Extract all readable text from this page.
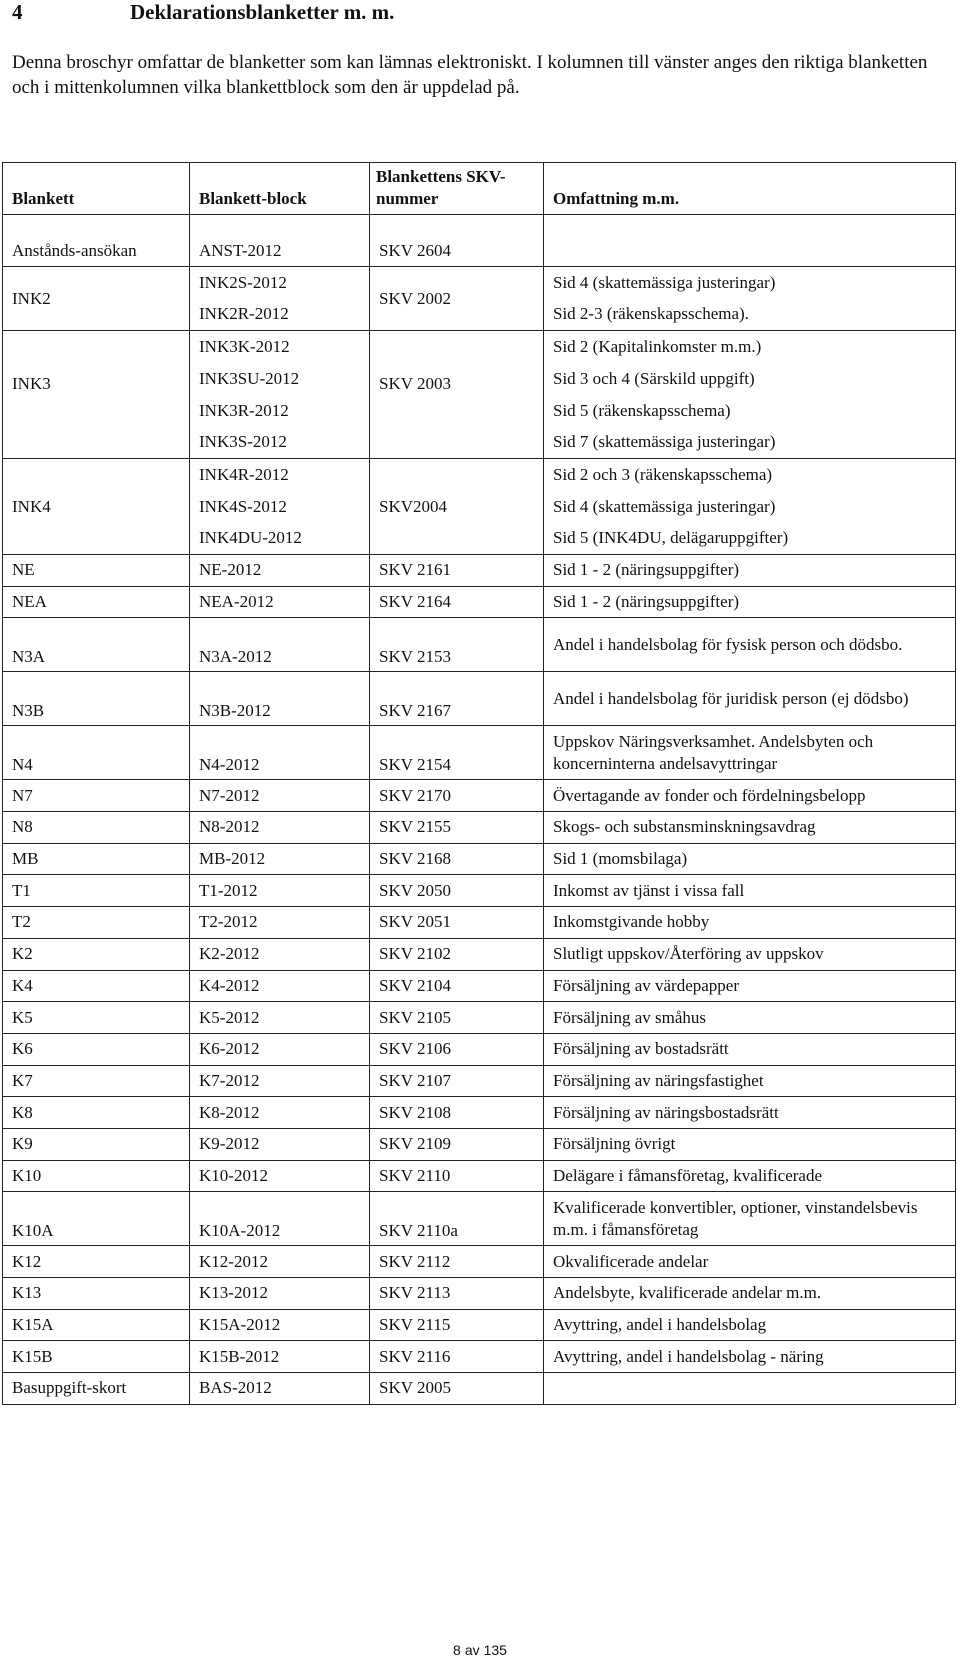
4	Deklarationsblanketter m. m.
Denna broschyr omfattar de blanketter som kan lämnas elektroniskt. I kolumnen till vänster anges den riktiga blanketten och i mittenkolumnen vilka blankettblock som den är uppdelad på.
Blankett	Blankett-block	Blankettens SKV-nummer	Omfattning m.m.
Anstånds-ansökan	ANST-2012	SKV 2604	
INK2	INK2S-2012	SKV 2002	Sid 4 (skattemässiga justeringar)
	INK2R-2012		Sid 2-3 (räkenskapsschema).
INK3	INK3K-2012	SKV 2003	Sid 2 (Kapitalinkomster m.m.)
	INK3SU-2012		Sid 3 och 4 (Särskild uppgift)
	INK3R-2012		Sid 5 (räkenskapsschema)
	INK3S-2012		Sid 7 (skattemässiga justeringar)
INK4	INK4R-2012	SKV2004	Sid 2 och 3 (räkenskapsschema)
	INK4S-2012		Sid 4 (skattemässiga justeringar)
	INK4DU-2012		Sid 5 (INK4DU, delägaruppgifter)
NE	NE-2012	SKV 2161	Sid 1 - 2 (näringsuppgifter)
NEA	NEA-2012	SKV 2164	Sid 1 - 2 (näringsuppgifter)
N3A	N3A-2012	SKV 2153	Andel i handelsbolag för fysisk person och dödsbo.
N3B	N3B-2012	SKV 2167	Andel i handelsbolag för juridisk person (ej dödsbo)
N4	N4-2012	SKV 2154	Uppskov Näringsverksamhet. Andelsbyten och koncerninterna andelsavyttringar
N7	N7-2012	SKV 2170	Övertagande av fonder och fördelningsbelopp
N8	N8-2012	SKV 2155	Skogs- och substansminskningsavdrag
MB	MB-2012	SKV 2168	Sid 1 (momsbilaga)
T1	T1-2012	SKV 2050	Inkomst av tjänst i vissa fall
T2	T2-2012	SKV 2051	Inkomstgivande hobby
K2	K2-2012	SKV 2102	Slutligt uppskov/Återföring av uppskov
K4	K4-2012	SKV 2104	Försäljning av värdepapper
K5	K5-2012	SKV 2105	Försäljning av småhus
K6	K6-2012	SKV 2106	Försäljning av bostadsrätt
K7	K7-2012	SKV 2107	Försäljning av näringsfastighet
K8	K8-2012	SKV 2108	Försäljning av näringsbostadsrätt
K9	K9-2012	SKV 2109	Försäljning övrigt
K10	K10-2012	SKV 2110	Delägare i fåmansföretag, kvalificerade
K10A	K10A-2012	SKV 2110a	Kvalificerade konvertibler, optioner, vinstandelsbevis m.m. i fåmansföretag
K12	K12-2012	SKV 2112	Okvalificerade andelar
K13	K13-2012	SKV 2113	Andelsbyte, kvalificerade andelar m.m.
K15A	K15A-2012	SKV 2115	Avyttring, andel i handelsbolag
K15B	K15B-2012	SKV 2116	Avyttring, andel i handelsbolag - näring
Basuppgift-skort	BAS-2012	SKV 2005	
8 av 135
